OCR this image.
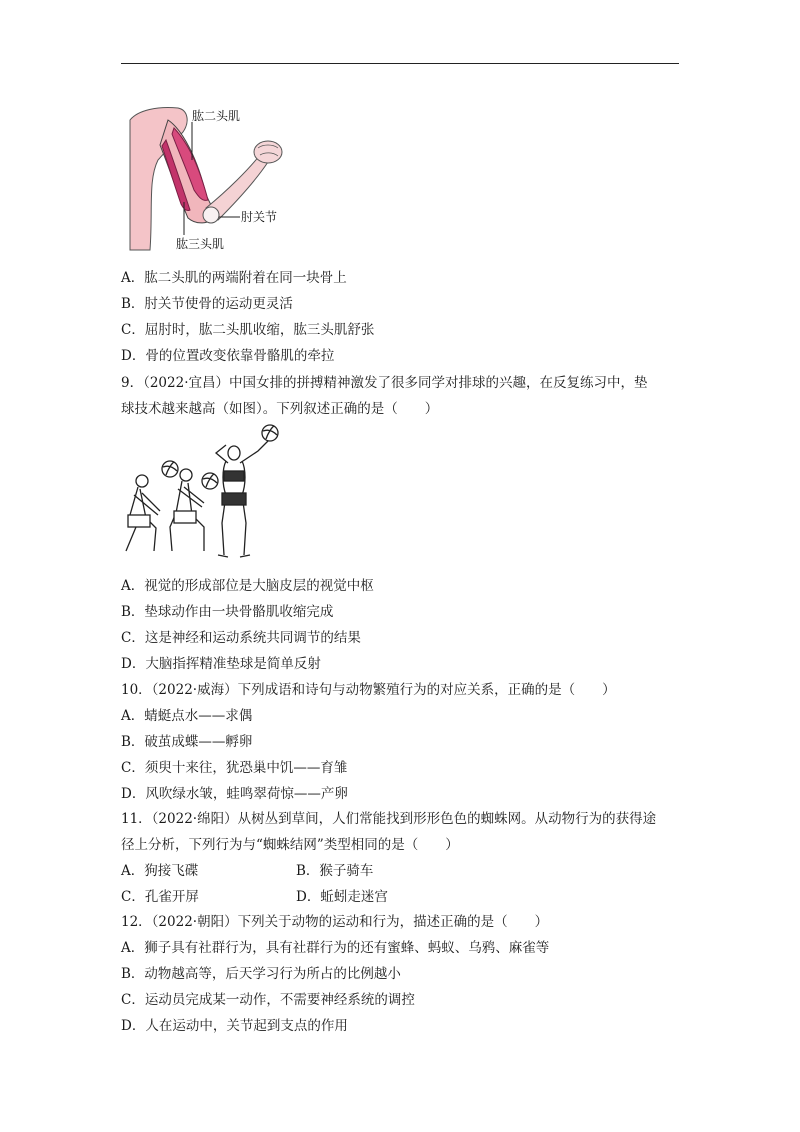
肱二头肌
肘关节
肱三头肌
A．肱二头肌的两端附着在同一块骨上
B．肘关节使骨的运动更灵活
C．屈肘时，肱二头肌收缩，肱三头肌舒张
D．骨的位置改变依靠骨骼肌的牵拉
9．（2022·宜昌）中国女排的拼搏精神激发了很多同学对排球的兴趣，在反复练习中，垫
球技术越来越高（如图）。下列叙述正确的是（　　）
A．视觉的形成部位是大脑皮层的视觉中枢
B．垫球动作由一块骨骼肌收缩完成
C．这是神经和运动系统共同调节的结果
D．大脑指挥精准垫球是简单反射
10．（2022·威海）下列成语和诗句与动物繁殖行为的对应关系，正确的是（　　）
A．蜻蜓点水——求偶
B．破茧成蝶——孵卵
C．须臾十来往，犹恐巢中饥——育雏
D．风吹绿水皱，蛙鸣翠荷惊——产卵
11．（2022·绵阳）从树丛到草间，人们常能找到形形色色的蜘蛛网。从动物行为的获得途
径上分析，下列行为与“蜘蛛结网”类型相同的是（　　）
A．狗接飞碟	B．猴子骑车
C．孔雀开屏	D．蚯蚓走迷宫
12．（2022·朝阳）下列关于动物的运动和行为，描述正确的是（　　）
A．狮子具有社群行为，具有社群行为的还有蜜蜂、蚂蚁、乌鸦、麻雀等
B．动物越高等，后天学习行为所占的比例越小
C．运动员完成某一动作，不需要神经系统的调控
D．人在运动中，关节起到支点的作用
